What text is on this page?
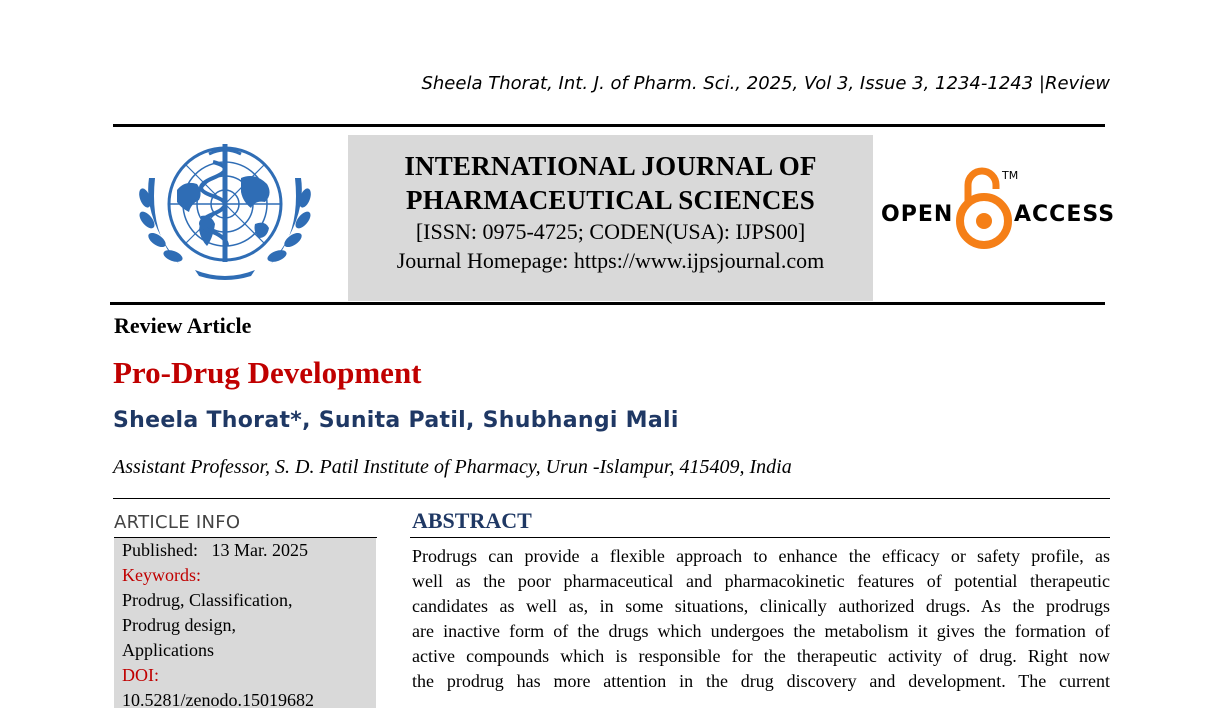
Sheela Thorat, Int. J. of Pharm. Sci., 2025, Vol 3, Issue 3, 1234-1243 |Review
INTERNATIONAL JOURNAL OF
PHARMACEUTICAL SCIENCES
[ISSN: 0975-4725; CODEN(USA): IJPS00]
Journal Homepage: https://www.ijpsjournal.com
OPEN
TM
ACCESS
Review Article
Pro-Drug Development
Sheela Thorat*, Sunita Patil, Shubhangi Mali
Assistant Professor, S. D. Patil Institute of Pharmacy, Urun -Islampur, 415409, India
ARTICLE INFO
Published: 13 Mar. 2025
Keywords:
Prodrug, Classification,
Prodrug design,
Applications
DOI:
10.5281/zenodo.15019682
ABSTRACT
Prodrugs can provide a flexible approach to enhance the efficacy or safety profile, as
well as the poor pharmaceutical and pharmacokinetic features of potential therapeutic
candidates as well as, in some situations, clinically authorized drugs. As the prodrugs
are inactive form of the drugs which undergoes the metabolism it gives the formation of
active compounds which is responsible for the therapeutic activity of drug. Right now
the prodrug has more attention in the drug discovery and development. The current
